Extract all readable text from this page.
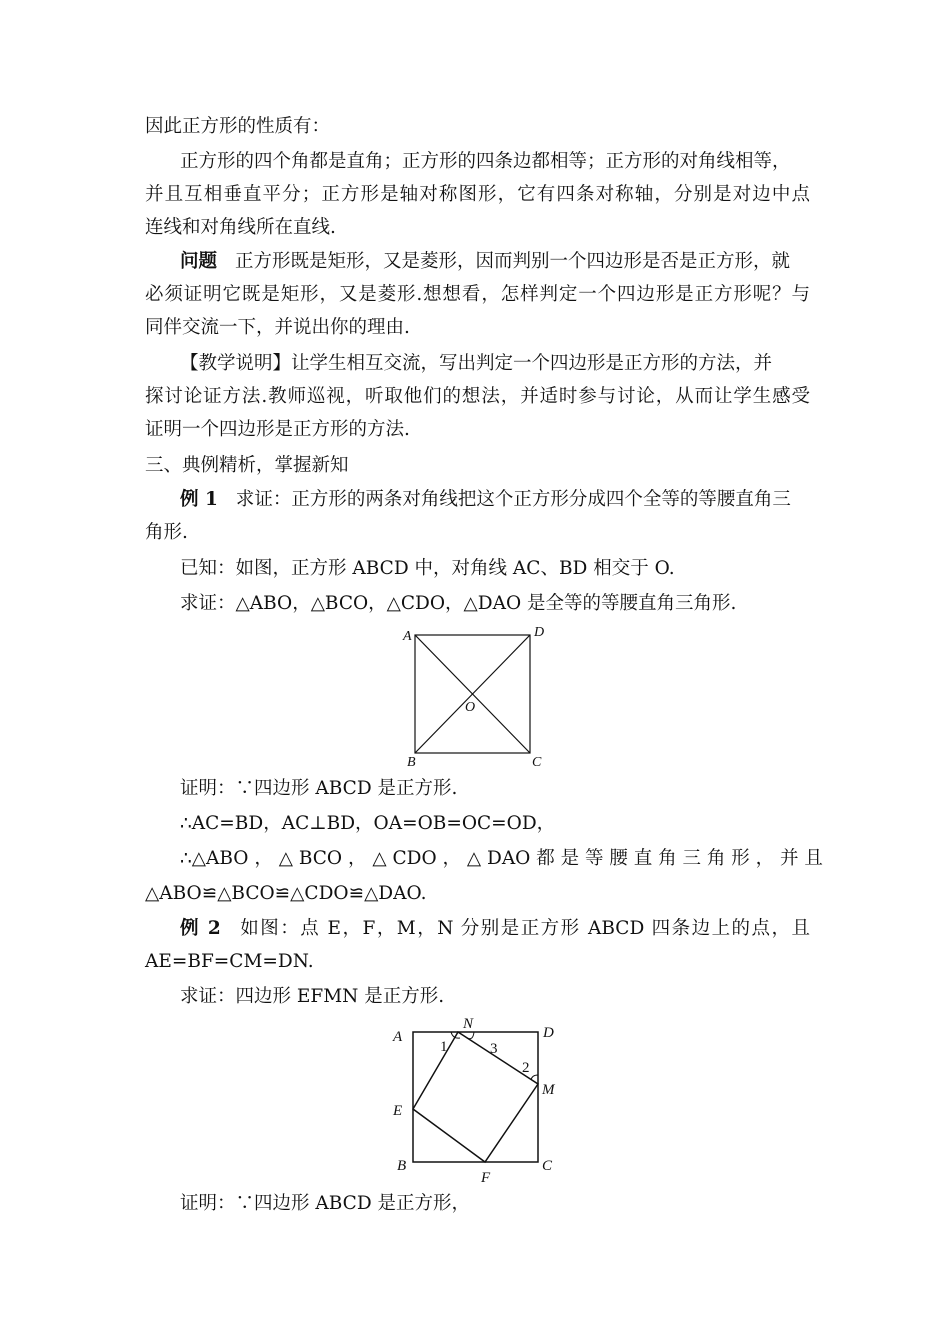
因此正方形的性质有：
正方形的四个角都是直角；正方形的四条边都相等；正方形的对角线相等，
并且互相垂直平分；正方形是轴对称图形，它有四条对称轴，分别是对边中点
连线和对角线所在直线.
问题 正方形既是矩形，又是菱形，因而判别一个四边形是否是正方形，就
必须证明它既是矩形，又是菱形.想想看，怎样判定一个四边形是正方形呢？与
同伴交流一下，并说出你的理由.
【教学说明】让学生相互交流，写出判定一个四边形是正方形的方法，并
探讨论证方法.教师巡视，听取他们的想法，并适时参与讨论，从而让学生感受
证明一个四边形是正方形的方法.
三、典例精析，掌握新知
例 1 求证：正方形的两条对角线把这个正方形分成四个全等的等腰直角三
角形.
已知：如图，正方形 ABCD 中，对角线 AC、BD 相交于 O.
求证：△ABO，△BCO，△CDO，△DAO 是全等的等腰直角三角形.
A	D
O
B	C
证明：∵四边形 ABCD 是正方形.
∴AC=BD，AC⊥BD，OA=OB=OC=OD，
∴△ABO ， △ BCO ， △ CDO ， △ DAO 都 是 等 腰 直 角 三 角 形 ， 并 且
△ABO≌△BCO≌△CDO≌△DAO.
例 2 如图：点 E，F，M，N 分别是正方形 ABCD 四条边上的点，且
AE=BF=CM=DN.
求证：四边形 EFMN 是正方形.
A
N
D
1	3
2
M
E
B	C
F
证明：∵四边形 ABCD 是正方形，
